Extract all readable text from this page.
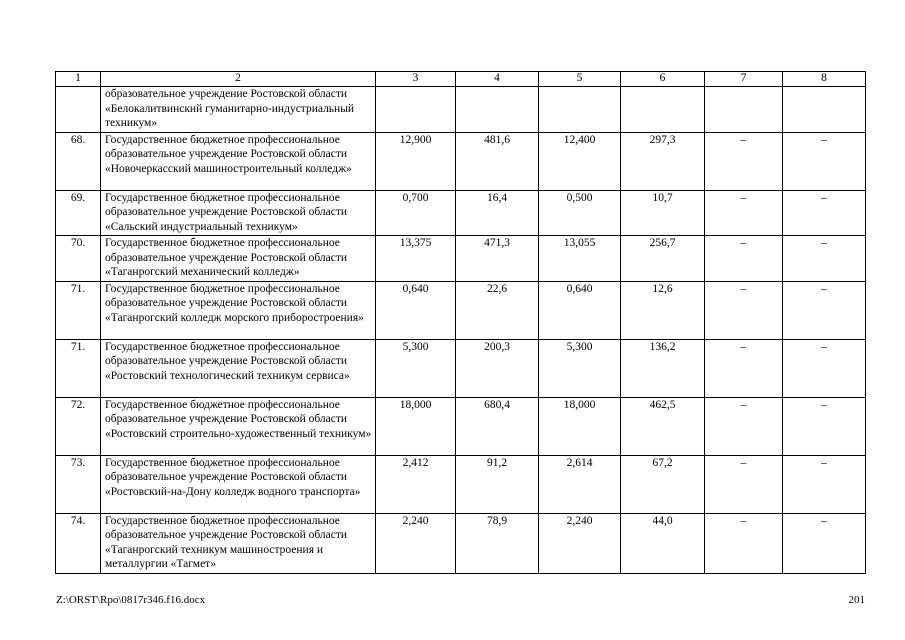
1	2	3	4	5	6	7	8
	образовательное учреждение Ростовской области «Белокалитвинский гуманитарно-индустриальный техникум»						
68.	Государственное бюджетное профессиональное образовательное учреждение Ростовской области «Новочеркасский машиностроительный колледж»	12,900	481,6	12,400	297,3	–	–
69.	Государственное бюджетное профессиональное образовательное учреждение Ростовской области «Сальский индустриальный техникум»	0,700	16,4	0,500	10,7	–	–
70.	Государственное бюджетное профессиональное образовательное учреждение Ростовской области «Таганрогский механический колледж»	13,375	471,3	13,055	256,7	–	–
71.	Государственное бюджетное профессиональное образовательное учреждение Ростовской области «Таганрогский колледж морского приборостроения»	0,640	22,6	0,640	12,6	–	–
71.	Государственное бюджетное профессиональное образовательное учреждение Ростовской области «Ростовский технологический техникум сервиса»	5,300	200,3	5,300	136,2	–	–
72.	Государственное бюджетное профессиональное образовательное учреждение Ростовской области «Ростовский строительно-художественный техникум»	18,000	680,4	18,000	462,5	–	–
73.	Государственное бюджетное профессиональное образовательное учреждение Ростовской области «Ростовский-на-Дону колледж водного транспорта»	2,412	91,2	2,614	67,2	–	–
74.	Государственное бюджетное профессиональное образовательное учреждение Ростовской области «Таганрогский техникум машиностроения и металлургии «Тагмет»	2,240	78,9	2,240	44,0	–	–
Z:\ORST\Rpo\0817r346.f16.docx	201
